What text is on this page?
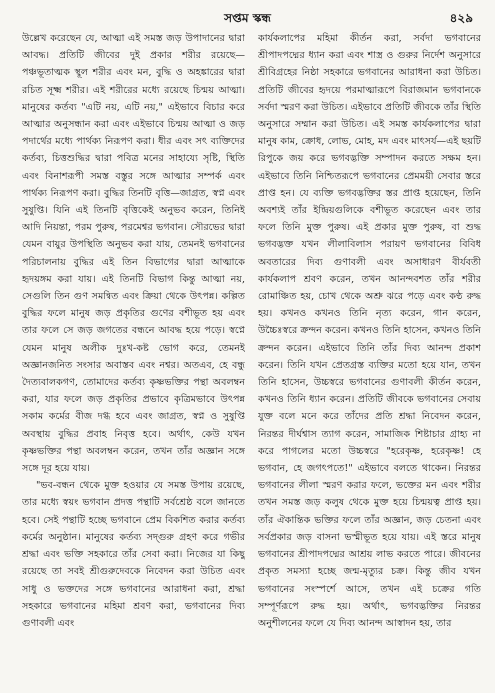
সপ্তম স্কন্ধ	৪২৯

উল্লেখ করেছেন যে, আত্মা এই সমস্ত জড় উপাদানের দ্বারা আবদ্ধ। প্রতিটি জীবের দুই প্রকার শরীর রয়েছে—পঞ্চভূতাত্মক স্থূল শরীর এবং মন, বুদ্ধি ও অহঙ্কারের দ্বারা রচিত সূক্ষ্ম শরীর। এই শরীরের মধ্যে রয়েছে চিন্ময় আত্মা। মানুষের কর্তব্য "এটি নয়, এটি নয়," এইভাবে বিচার করে আত্মার অনুসন্ধান করা এবং এইভাবে চিন্ময় আত্মা ও জড় পদার্থের মধ্যে পার্থক্য নিরূপণ করা। ধীর এবং সৎ ব্যক্তিদের কর্তব্য, চিত্তশুদ্ধির দ্বারা পবিত্র মনের সাহায্যে সৃষ্টি, স্থিতি এবং বিনাশরূপী সমস্ত বস্তুর সঙ্গে আত্মার সম্পর্ক এবং পার্থক্য নিরূপণ করা। বুদ্ধির তিনটি বৃত্তি—জাগ্রত, স্বপ্ন এবং সুষুপ্তি। যিনি এই তিনটি বৃত্তিকেই অনুভব করেন, তিনিই আদি নিয়ন্তা, পরম পুরুষ, পরমেশ্বর ভগবান। সৌরভের দ্বারা যেমন বায়ুর উপস্থিতি অনুভব করা যায়, তেমনই ভগবানের পরিচালনায় বুদ্ধির এই তিন বিভাগের দ্বারা আত্মাকে হৃদয়ঙ্গম করা যায়। এই তিনটি বিভাগ কিন্তু আত্মা নয়, সেগুলি তিন গুণ সমন্বিত এবং ক্রিয়া থেকে উৎপন্ন। কল্পিত বুদ্ধির ফলে মানুষ জড় প্রকৃতির গুণের বশীভূত হয় এবং তার ফলে সে জড় জগতের বন্ধনে আবদ্ধ হয়ে পড়ে। স্বপ্নে যেমন মানুষ অলীক দুঃখ-কষ্ট ভোগ করে, তেমনই অজ্ঞানজনিত সংসার অবাস্তব এবং নশ্বর। অতএব, হে বন্ধু দৈত্যবালকগণ, তোমাদের কর্তব্য কৃষ্ণভক্তির পন্থা অবলম্বন করা, যার ফলে জড় প্রকৃতির প্রভাবে কৃত্রিমভাবে উৎপন্ন সকাম কর্মের বীজ দগ্ধ হবে এবং জাগ্রত, স্বপ্ন ও সুষুপ্তি অবস্থায় বুদ্ধির প্রবাহ নিবৃত্ত হবে। অর্থাৎ, কেউ যখন কৃষ্ণভক্তির পন্থা অবলম্বন করেন, তখন তাঁর অজ্ঞান সঙ্গে সঙ্গে দূর হয়ে যায়।

"ভব-বন্ধন থেকে মুক্ত হওয়ার যে সমস্ত উপায় রয়েছে, তার মধ্যে স্বয়ং ভগবান প্রদত্ত পন্থাটি সর্বশ্রেষ্ঠ বলে জানতে হবে। সেই পন্থাটি হচ্ছে ভগবানে প্রেম বিকশিত করার কর্তব্য কর্মের অনুষ্ঠান। মানুষের কর্তব্য সদ্গুরু গ্রহণ করে গভীর শ্রদ্ধা এবং ভক্তি সহকারে তাঁর সেবা করা। নিজের যা কিছু রয়েছে তা সবই শ্রীগুরুদেবকে নিবেদন করা উচিত এবং সাধু ও ভক্তদের সঙ্গে ভগবানের আরাধনা করা, শ্রদ্ধা সহকারে ভগবানের মহিমা শ্রবণ করা, ভগবানের দিব্য গুণাবলী এবং

কার্যকলাপের মহিমা কীর্তন করা, সর্বদা ভগবানের শ্রীপাদপদ্মের ধ্যান করা এবং শাস্ত্র ও গুরুর নির্দেশ অনুসারে শ্রীবিগ্রহের নিষ্ঠা সহকারে ভগবানের আরাধনা করা উচিত। প্রতিটি জীবের হৃদয়ে পরমাত্মারূপে বিরাজমান ভগবানকে সর্বদা স্মরণ করা উচিত। এইভাবে প্রতিটি জীবকে তাঁর স্থিতি অনুসারে সম্মান করা উচিত। এই সমস্ত কার্যকলাপের দ্বারা মানুষ কাম, ক্রোধ, লোভ, মোহ, মদ এবং মাৎসর্য—এই ছয়টি রিপুকে জয় করে ভগবদ্ভক্তি সম্পাদন করতে সক্ষম হন। এইভাবে তিনি নিশ্চিতরূপে ভগবানের প্রেমময়ী সেবার স্তরে প্রাপ্ত হন। যে ব্যক্তি ভগবদ্ভক্তির স্তর প্রাপ্ত হয়েছেন, তিনি অবশ্যই তাঁর ইন্দ্রিয়গুলিকে বশীভূত করেছেন এবং তার ফলে তিনি মুক্ত পুরুষ। এই প্রকার মুক্ত পুরুষ, বা শুদ্ধ ভগবদ্ভক্ত যখন লীলাবিলাস পরায়ণ ভগবানের বিবিধ অবতারের দিব্য গুণাবলী এবং অসাধারণ বীর্যবতী কার্যকলাপ শ্রবণ করেন, তখন আনন্দবশত তাঁর শরীর রোমাঞ্চিত হয়, চোখ থেকে অশ্রু ঝরে পড়ে এবং কণ্ঠ রুদ্ধ হয়। কখনও কখনও তিনি নৃত্য করেন, গান করেন, উচ্চৈঃস্বরে ক্রন্দন করেন। কখনও তিনি হাসেন, কখনও তিনি ক্রন্দন করেন। এইভাবে তিনি তাঁর দিব্য আনন্দ প্রকাশ করেন। তিনি যখন প্রেতগ্রস্ত ব্যক্তির মতো হয়ে যান, তখন তিনি হাসেন, উচ্চস্বরে ভগবানের গুণাবলী কীর্তন করেন, কখনও তিনি ধ্যান করেন। প্রতিটি জীবকে ভগবানের সেবায় যুক্ত বলে মনে করে তাঁদের প্রতি শ্রদ্ধা নিবেদন করেন, নিরন্তর দীর্ঘশ্বাস ত্যাগ করেন, সামাজিক শিষ্টাচার গ্রাহ্য না করে পাগলের মতো উচ্চস্বরে "হরেকৃষ্ণ, হরেকৃষ্ণ! হে ভগবান, হে জগৎপতে!" এইভাবে বলতে থাকেন। নিরন্তর ভগবানের লীলা স্মরণ করার ফলে, ভক্তের মন এবং শরীর তখন সমস্ত জড় কলুষ থেকে মুক্ত হয়ে চিন্ময়ত্ব প্রাপ্ত হয়। তাঁর ঐকান্তিক ভক্তির ফলে তাঁর অজ্ঞান, জড় চেতনা এবং সর্বপ্রকার জড় বাসনা ভস্মীভূত হয়ে যায়। এই স্তরে মানুষ ভগবানের শ্রীপাদপদ্মের আশ্রয় লাভ করতে পারে। জীবনের প্রকৃত সমস্যা হচ্ছে জন্ম-মৃত্যুর চক্র। কিন্তু জীব যখন ভগবানের সংস্পর্শে আসে, তখন এই চক্রের গতি সম্পূর্ণরূপে রুদ্ধ হয়। অর্থাৎ, ভগবদ্ভক্তির নিরন্তর অনুশীলনের ফলে যে দিব্য আনন্দ আস্বাদন হয়, তার
